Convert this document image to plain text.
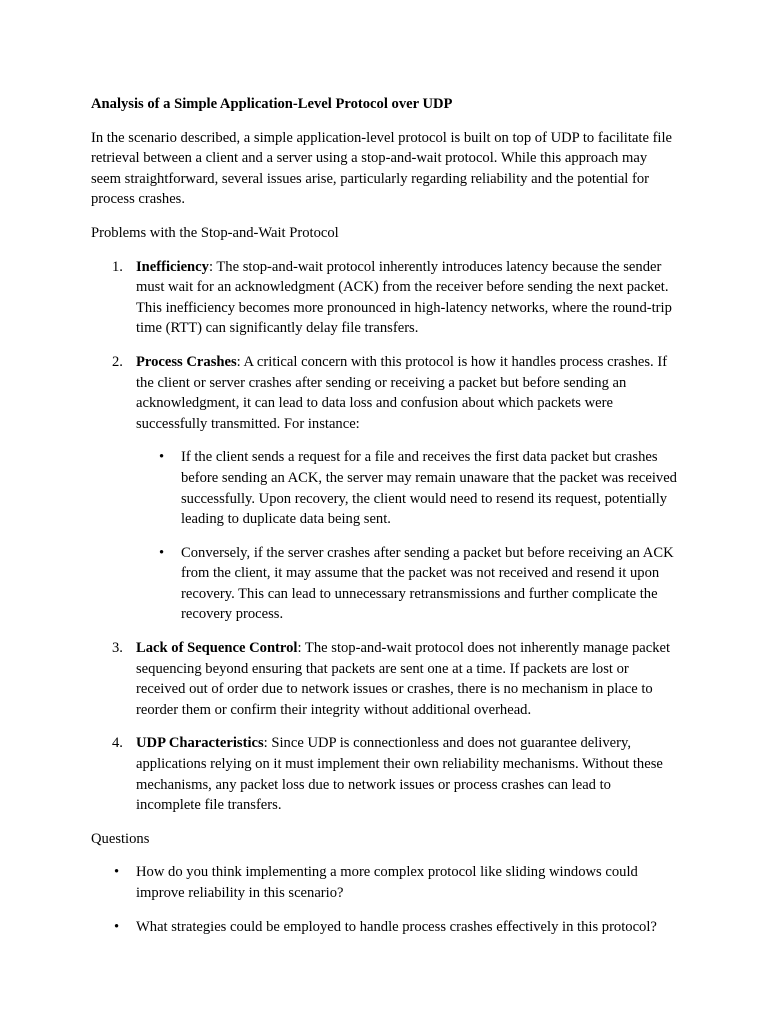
Analysis of a Simple Application-Level Protocol over UDP

In the scenario described, a simple application-level protocol is built on top of UDP to facilitate file retrieval between a client and a server using a stop-and-wait protocol. While this approach may seem straightforward, several issues arise, particularly regarding reliability and the potential for process crashes.

Problems with the Stop-and-Wait Protocol
1. Inefficiency: The stop-and-wait protocol inherently introduces latency because the sender must wait for an acknowledgment (ACK) from the receiver before sending the next packet. This inefficiency becomes more pronounced in high-latency networks, where the round-trip time (RTT) can significantly delay file transfers.
2. Process Crashes: A critical concern with this protocol is how it handles process crashes. If the client or server crashes after sending or receiving a packet but before sending an acknowledgment, it can lead to data loss and confusion about which packets were successfully transmitted. For instance:
• If the client sends a request for a file and receives the first data packet but crashes before sending an ACK, the server may remain unaware that the packet was received successfully. Upon recovery, the client would need to resend its request, potentially leading to duplicate data being sent.
• Conversely, if the server crashes after sending a packet but before receiving an ACK from the client, it may assume that the packet was not received and resend it upon recovery. This can lead to unnecessary retransmissions and further complicate the recovery process.
3. Lack of Sequence Control: The stop-and-wait protocol does not inherently manage packet sequencing beyond ensuring that packets are sent one at a time. If packets are lost or received out of order due to network issues or crashes, there is no mechanism in place to reorder them or confirm their integrity without additional overhead.
4. UDP Characteristics: Since UDP is connectionless and does not guarantee delivery, applications relying on it must implement their own reliability mechanisms. Without these mechanisms, any packet loss due to network issues or process crashes can lead to incomplete file transfers.
Questions
• How do you think implementing a more complex protocol like sliding windows could improve reliability in this scenario?
• What strategies could be employed to handle process crashes effectively in this protocol?
